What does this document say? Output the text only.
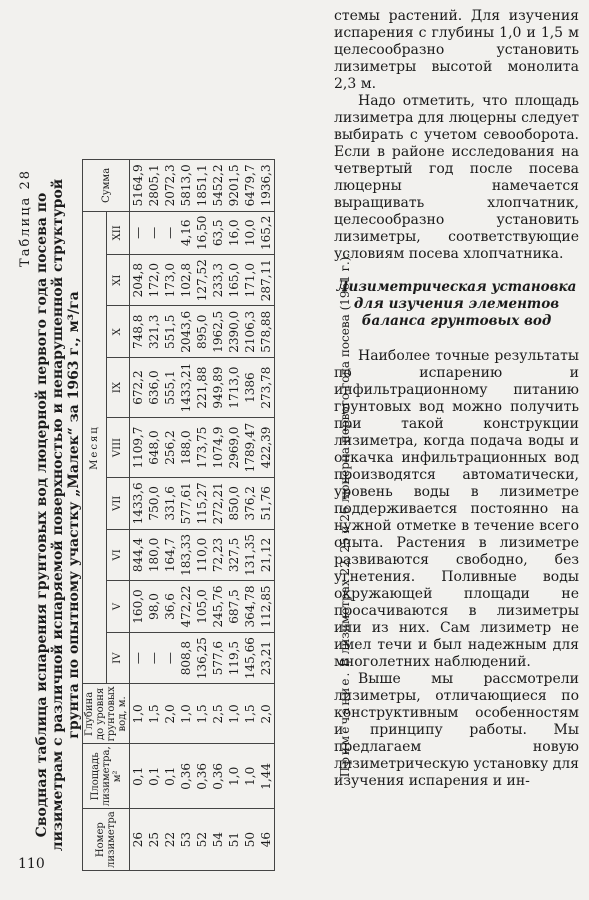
Таблица 28 Сводная таблица испарения грунтовых вод люцерной первого года посева по лизиметрам с различной испаряемой поверхностью и ненарушенной структурой грунта по опытному участку „Малек“ за 1963 г., м³/га
Номер лизиметра	Площадь лизиметра, м²	Глубина до уровня грунтовых вод, м.	Месяц									Сумма
			IV	V	VI	VII	VIII	IX	X	XI	XII	
26	0,1	1,0	—	160,0	844,4	1433,6	1109,7	672,2	748,8	204,8	—	5164,9
25	0,1	1,5	—	98,0	180,0	750,0	648,0	636,0	321,3	172,0	—	2805,1
22	0,1	2,0	—	36,6	164,7	331,6	256,2	555,1	551,5	173,0	—	2072,3
53	0,36	1,0	808,8	472,22	183,33	577,61	188,0	1433,21	2043,6	102,8	4,16	5813,0
52	0,36	1,5	136,25	105,0	110,0	115,27	173,75	221,88	895,0	127,52	16,50	1851,1
54	0,36	2,5	577,6	245,76	72,23	272,21	1074,9	949,89	1962,5	233,3	63,5	5452,2
51	1,0	1,0	119,5	687,5	327,5	850,0	2969,0	1713,0	2390,0	165,0	16,0	9201,5
50	1,0	1,5	145,66	364,78	131,35	376,2	1789,47	1386	2106,3	171,0	10,0	6479,7
46	1,44	2,0	23,21	112,85	21,12	51,76	422,39	273,78	578,88	287,11	165,2	1936,3
Примечание. В лизиметрах 22, 25 и 26 люцерна первого года посева (1961 г.).

стемы растений. Для изучения испарения с глубины 1,0 и 1,5 м целесообразно установить лизиметры высотой монолита 2,3 м.

Надо отметить, что площадь лизиметра для люцерны следует выбирать с учетом севооборота. Если в районе исследования на четвертый год после посева люцерны намечается выращивать хлопчатник, целесообразно установить лизиметры, соответствующие условиям посева хлопчатника.

Лизиметрическая установка для изучения элементов баланса грунтовых вод

Наиболее точные результаты по испарению и инфильтрационному питанию грунтовых вод можно получить при такой конструкции лизиметра, когда подача воды и откачка инфильтрационных вод производятся автоматически, уровень воды в лизиметре поддерживается постоянно на нужной отметке в течение всего опыта. Растения в лизиметре развиваются свободно, без угнетения. Поливные воды окружающей площади не просачиваются в лизиметры или из них. Сам лизиметр не имел течи и был надежным для многолетних наблюдений.

Выше мы рассмотрели лизиметры, отличающиеся по конструктивным особенностям и принципу работы. Мы предлагаем новую лизиметрическую установку для изучения испарения и ин-

110
